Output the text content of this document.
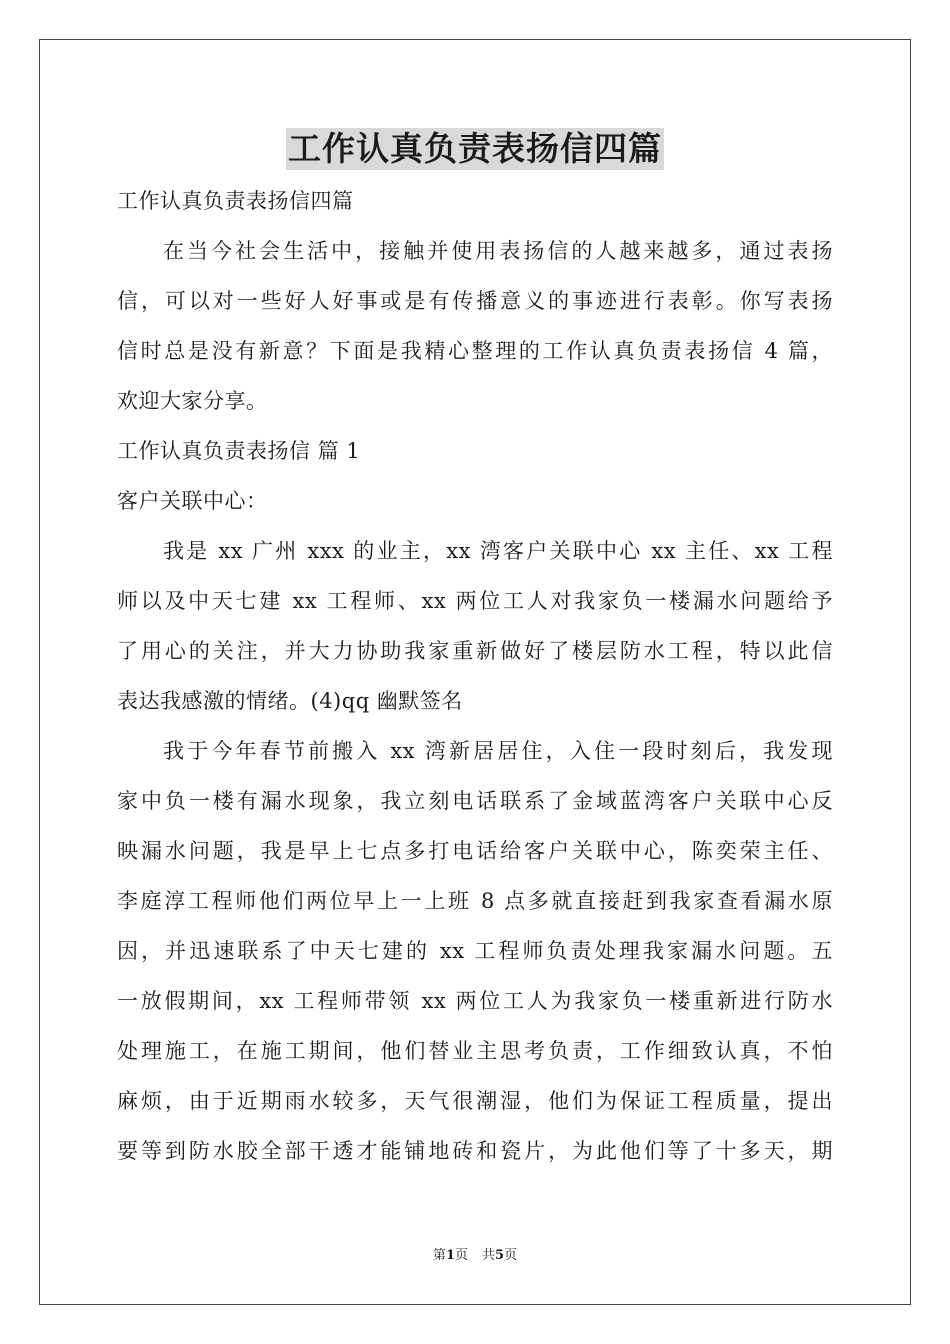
工作认真负责表扬信四篇
工作认真负责表扬信四篇
在当今社会生活中，接触并使用表扬信的人越来越多，通过表扬
信，可以对一些好人好事或是有传播意义的事迹进行表彰。你写表扬
信时总是没有新意？下面是我精心整理的工作认真负责表扬信 4 篇，
欢迎大家分享。
工作认真负责表扬信 篇 1
客户关联中心：
我是 xx 广州 xxx 的业主，xx 湾客户关联中心 xx 主任、xx 工程
师以及中天七建 xx 工程师、xx 两位工人对我家负一楼漏水问题给予
了用心的关注，并大力协助我家重新做好了楼层防水工程，特以此信
表达我感激的情绪。(4)qq 幽默签名
我于今年春节前搬入 xx 湾新居居住，入住一段时刻后，我发现
家中负一楼有漏水现象，我立刻电话联系了金域蓝湾客户关联中心反
映漏水问题，我是早上七点多打电话给客户关联中心，陈奕荣主任、
李庭淳工程师他们两位早上一上班 8 点多就直接赶到我家查看漏水原
因，并迅速联系了中天七建的 xx 工程师负责处理我家漏水问题。五
一放假期间，xx 工程师带领 xx 两位工人为我家负一楼重新进行防水
处理施工，在施工期间，他们替业主思考负责，工作细致认真，不怕
麻烦，由于近期雨水较多，天气很潮湿，他们为保证工程质量，提出
要等到防水胶全部干透才能铺地砖和瓷片，为此他们等了十多天，期
第1页 共5页
